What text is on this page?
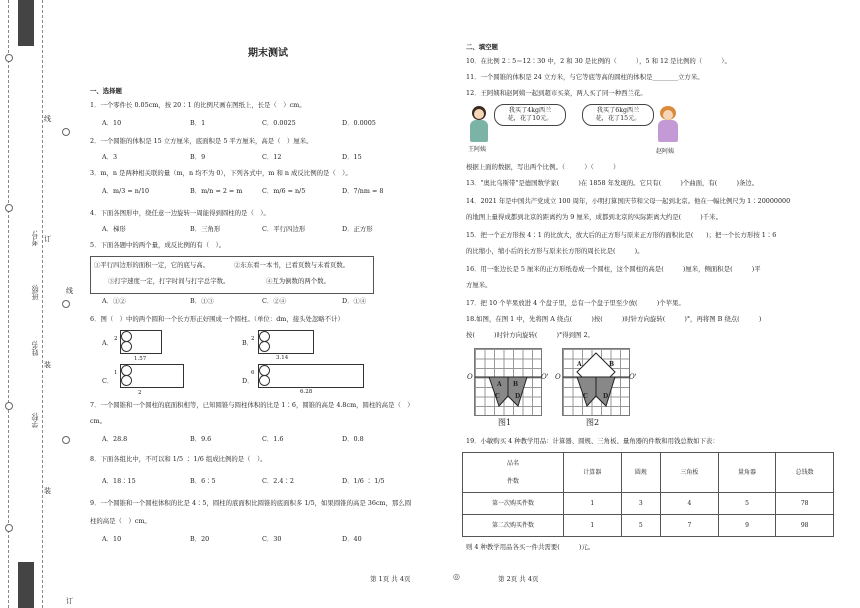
线
订
装
线
订
装
学校:
姓名:
班级:
考号:
期末测试
一、选择题
1．一个零件长 0.05cm，按 20∶1 的比例尺画在图纸上，长是（　）cm。
A．10	B．1	C．0.0025	D．0.0005
2．一个圆锥的体积是 15 立方厘米，底面积是 5 平方厘米，高是（　）厘米。
A．3	B．9	C．12	D．15
3．m，n 是两种相关联的量（m，n 均不为 0），下列各式中，m 和 n 成反比例的是（　）。
A．m/3 = n/10	B．m/n = 2 = m	C．m/6 = n/5	D．7/nm = 8
4．下面各图形中，绕任意一边旋转一周能得到圆柱的是（　）。
A．梯形	B．三角形	C．平行四边形	D．正方形
5．下面各题中的两个量，成反比例的有（　）。
①平行四边形的面积一定，它的底与高。	②东东看一本书，已看页数与未看页数。
③打字速度一定，打字时间与打字总字数。	④互为倒数的两个数。
A．①②	B．①③	C．②④	D．①④
6．图（　）中的两个圆和一个长方形正好围成一个圆柱。（单位：dm，接头处忽略不计）
A． 2
1.57
B．
2
3.14
C．
1
2
D．
6
6.28
7．一个圆锥和一个圆柱的底面积相等，已知圆锥与圆柱体积的比是 1∶6，圆锥的高是 4.8cm，圆柱的高是（　）
cm。
A．28.8	B．9.6	C．1.6	D．0.8
8．下面各组比中，不可以和 1/5 ∶ 1/6 组成比例的是（　）。
A．18∶15	B．6∶5	C．2.4∶2	D．1/6 ∶ 1/5
9．一个圆锥和一个圆柱体积的比是 4∶5，圆柱的底面积比圆锥的底面积多 1/5，如果圆锥的高是 36cm，那么圆
柱的高是（　）cm。
A．10	B．20	C．30	D．40
第 1页 共 4页	◎
二、填空题
10．在比例 2∶5＝12∶30 中，2 和 30 是比例的（　　　），5 和 12 是比例的（　　　）。
11．一个圆锥的体积是 24 立方米，与它等底等高的圆柱的体积是________立方米。
12．王阿姨和赵阿姨一起到超市买菜，两人买了同一种西兰花。
王阿姨
我买了4kg西兰
花，花了10元。
我买了6kg西兰
花，花了15元。
赵阿姨
根据上面的数据，写出两个比例。（　　　）（　　　）
13．"奥比乌斯带"是德国数学家(　　　)在 1858 年发现的。它只有(　　　)个曲面，有(　　　)条边。
14．2021 年是中国共产党成立 100 周年，小明打算国庆节和父母一起到北京。他在一幅比例尺为 1∶20000000
的地图上量得成都到北京的距离约为 9 厘米，成都到北京的实际距离大约是(　　　)千米。
15．把一个正方形按 4∶1 的比放大，放大后的正方形与原来正方形的面积比是(　　)；把一个长方形按 1∶6
的比缩小，缩小后的长方形与原来长方形的周长比是(　　　)。
16．用一张边长是 5 厘米的正方形纸卷成一个圆柱，这个圆柱的高是(　　　)厘米，侧面积是(　　　)平
方厘米。
17．把 10 个苹果放进 4 个盘子里，总有一个盘子里至少放(　　　)个苹果。
18.如图，在图 1 中，先将图 A 绕点(　　　)按(　　　)时针方向旋转(　　　)°，再将图 B 绕点(　　　)
按(　　　)时针方向旋转(　　　)°得到图 2。
O	O'
A B
C	D
图1
O	O'
A	B
C	D
图2
19．小敏购买 4 种教学用品：计算器、圆规、三角板、量角器的件数和用钱总数如下表：
品名
件数	计算器	圆规	三角板	量角器	总钱数
第一次购买件数	1	3	4	5	78
第二次购买件数	1	5	7	9	98
则 4 种教学用品各买一件共需要(　　　)元。
第 2页 共 4页
